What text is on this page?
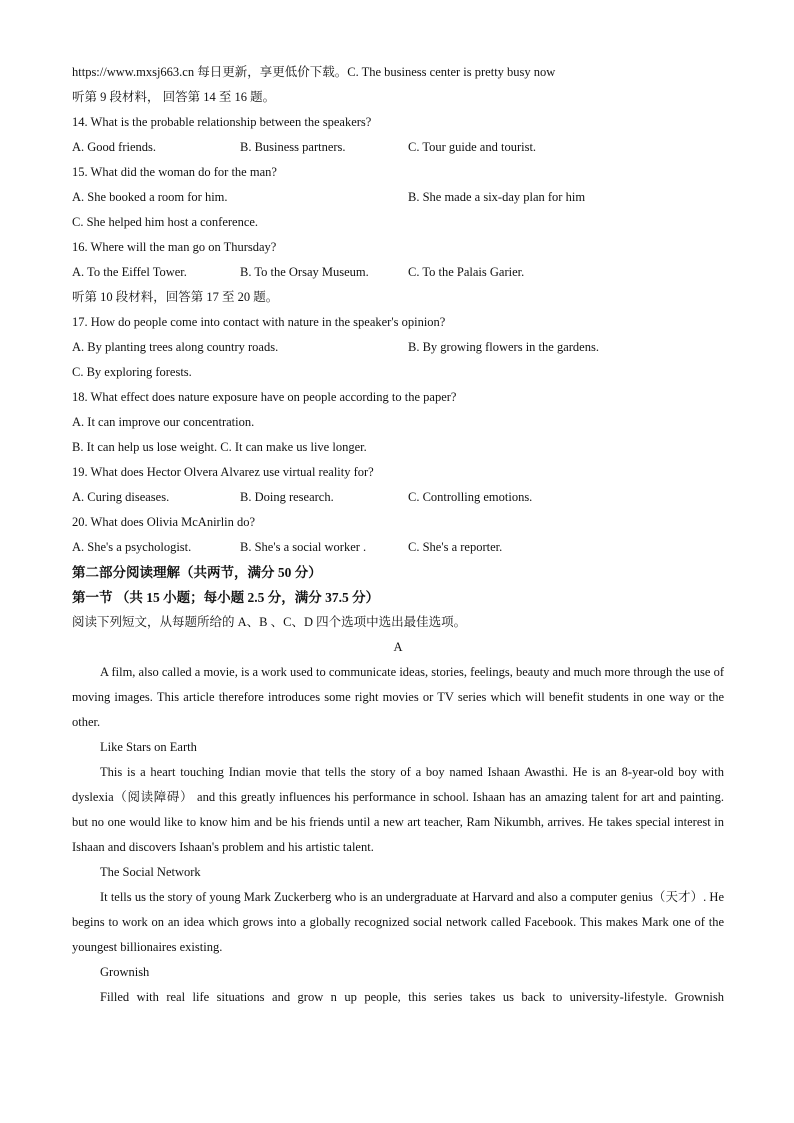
https://www.mxsj663.cn 每日更新，享更低价下载。C. The business center is pretty busy now
听第 9 段材料， 回答第 14 至 16 题。
14. What is the probable relationship between the speakers?
A. Good friends.	B. Business partners.	C. Tour guide and tourist.
15. What did the woman do for the man?
A. She booked a room for him.	B. She made a six-day plan for him
C. She helped him host a conference.
16. Where will the man go on Thursday?
A. To the Eiffel Tower.	B. To the Orsay Museum.	C. To the Palais Garier.
听第 10 段材料，回答第 17 至 20 题。
17. How do people come into contact with nature in the speaker's opinion?
A. By planting trees along country roads.	B. By growing flowers in the gardens.
C. By exploring forests.
18. What effect does nature exposure have on people according to the paper?
A. It can improve our concentration.
B. It can help us lose weight. C. It can make us live longer.
19. What does Hector Olvera Alvarez use virtual reality for?
A. Curing diseases.	B. Doing research.	C. Controlling emotions.
20. What does Olivia McAnirlin do?
A. She's a psychologist.	B. She's a social worker .	C. She's a reporter.
第二部分阅读理解（共两节，满分 50 分）
第一节 （共 15 小题；每小题 2.5 分，满分 37.5 分）
阅读下列短文，从每题所给的 A、B 、C、D 四个选项中选出最佳选项。
A
A film, also called a movie, is a work used to communicate ideas, stories, feelings, beauty and much more through the use of moving images. This article therefore introduces some right movies or TV series which will benefit students in one way or the other.
Like Stars on Earth
This is a heart touching Indian movie that tells the story of a boy named Ishaan Awasthi. He is an 8-year-old boy with dyslexia（阅读障碍） and this greatly influences his performance in school. Ishaan has an amazing talent for art and painting. but no one would like to know him and be his friends until a new art teacher, Ram Nikumbh, arrives. He takes special interest in Ishaan and discovers Ishaan's problem and his artistic talent.
The Social Network
It tells us the story of young Mark Zuckerberg who is an undergraduate at Harvard and also a computer genius（天才）. He begins to work on an idea which grows into a globally recognized social network called Facebook. This makes Mark one of the youngest billionaires existing.
Grownish
Filled with real life situations and grow n up people, this series takes us back to university-lifestyle. Grownish
